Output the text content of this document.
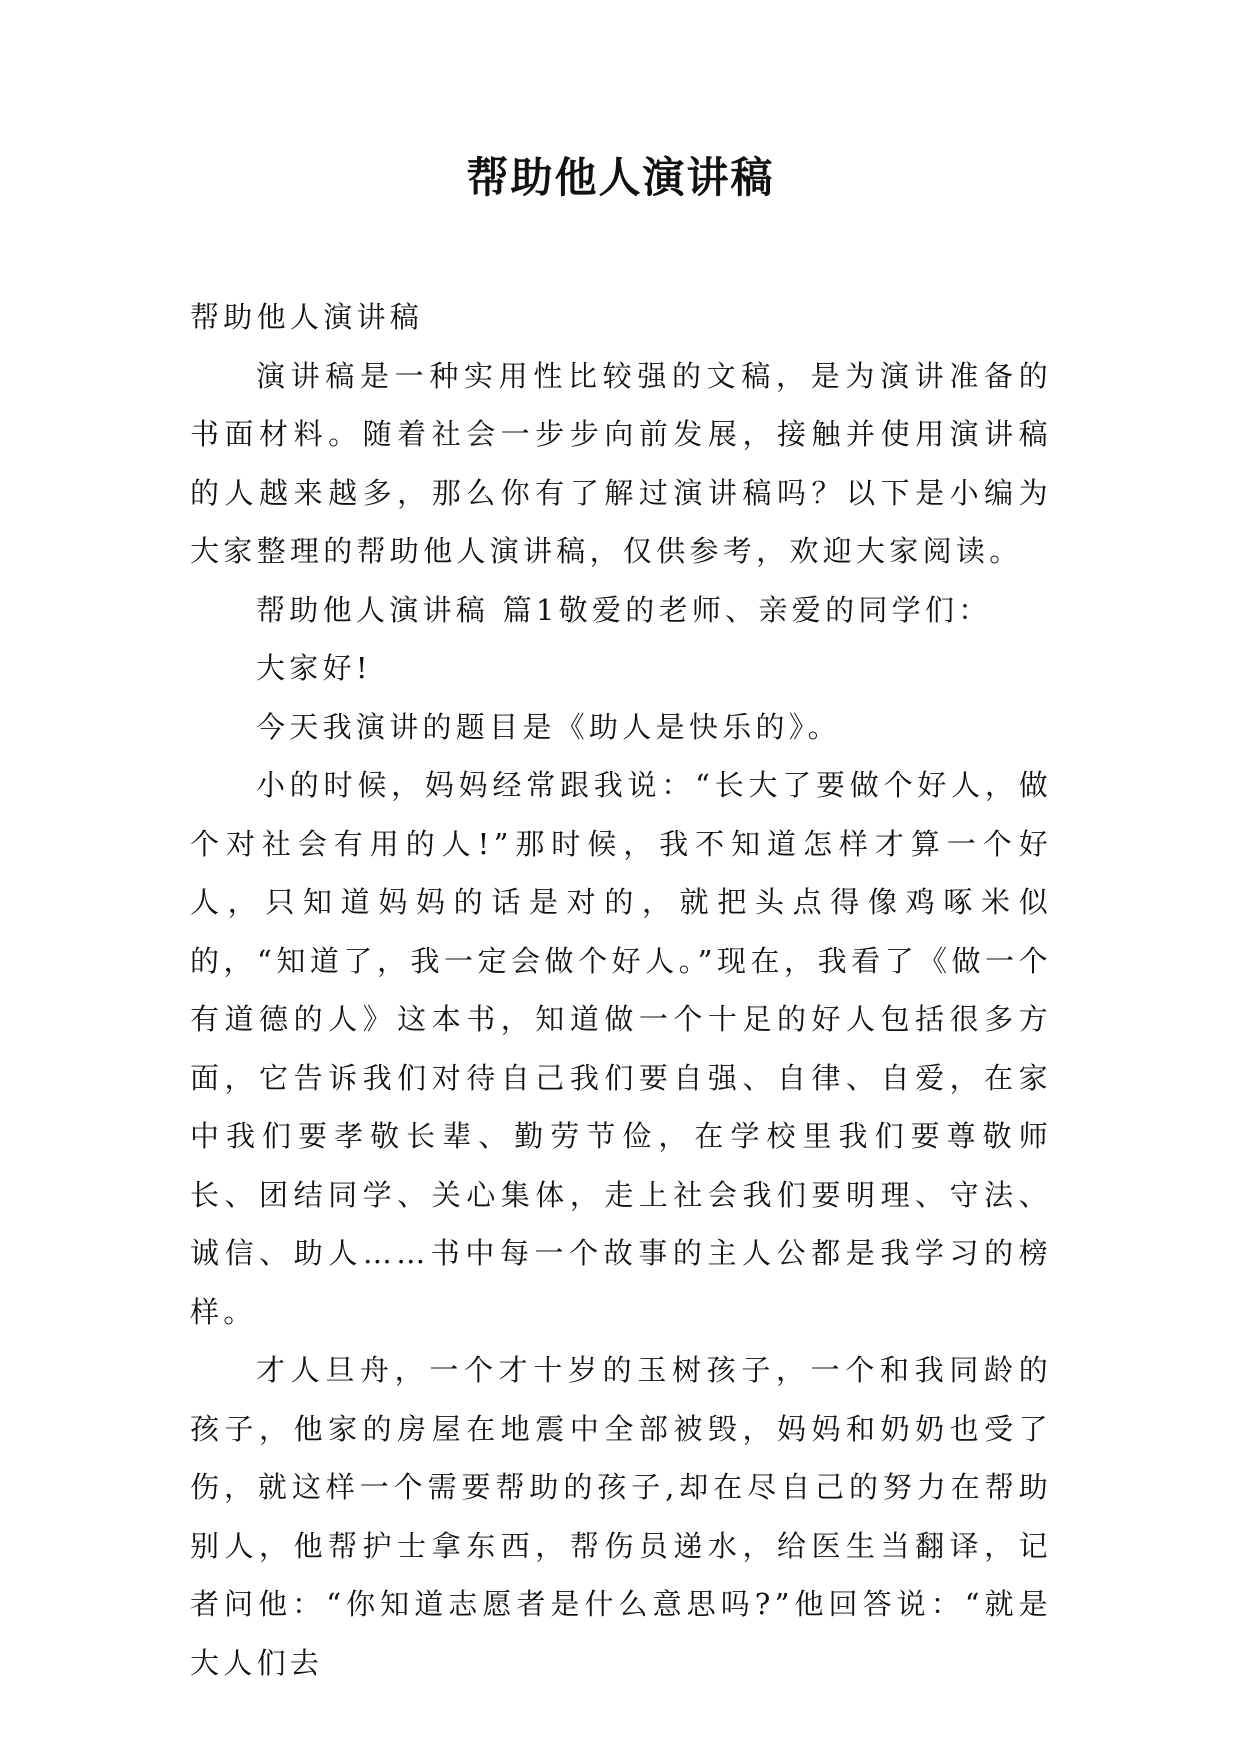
帮助他人演讲稿

帮助他人演讲稿

演讲稿是一种实用性比较强的文稿，是为演讲准备的书面材料。随着社会一步步向前发展，接触并使用演讲稿的人越来越多，那么你有了解过演讲稿吗？以下是小编为大家整理的帮助他人演讲稿，仅供参考，欢迎大家阅读。

帮助他人演讲稿 篇1敬爱的老师、亲爱的同学们：

大家好!

今天我演讲的题目是《助人是快乐的》。

小的时候，妈妈经常跟我说：“长大了要做个好人，做个对社会有用的人!”那时候，我不知道怎样才算一个好人，只知道妈妈的话是对的，就把头点得像鸡啄米似的，“知道了，我一定会做个好人。”现在，我看了《做一个有道德的人》这本书，知道做一个十足的好人包括很多方面，它告诉我们对待自己我们要自强、自律、自爱，在家中我们要孝敬长辈、勤劳节俭，在学校里我们要尊敬师长、团结同学、关心集体，走上社会我们要明理、守法、诚信、助人……书中每一个故事的主人公都是我学习的榜样。

才人旦舟，一个才十岁的玉树孩子，一个和我同龄的孩子，他家的房屋在地震中全部被毁，妈妈和奶奶也受了伤，就这样一个需要帮助的孩子,却在尽自己的努力在帮助别人，他帮护士拿东西，帮伤员递水，给医生当翻译，记者问他：“你知道志愿者是什么意思吗?”他回答说：“就是大人们去
